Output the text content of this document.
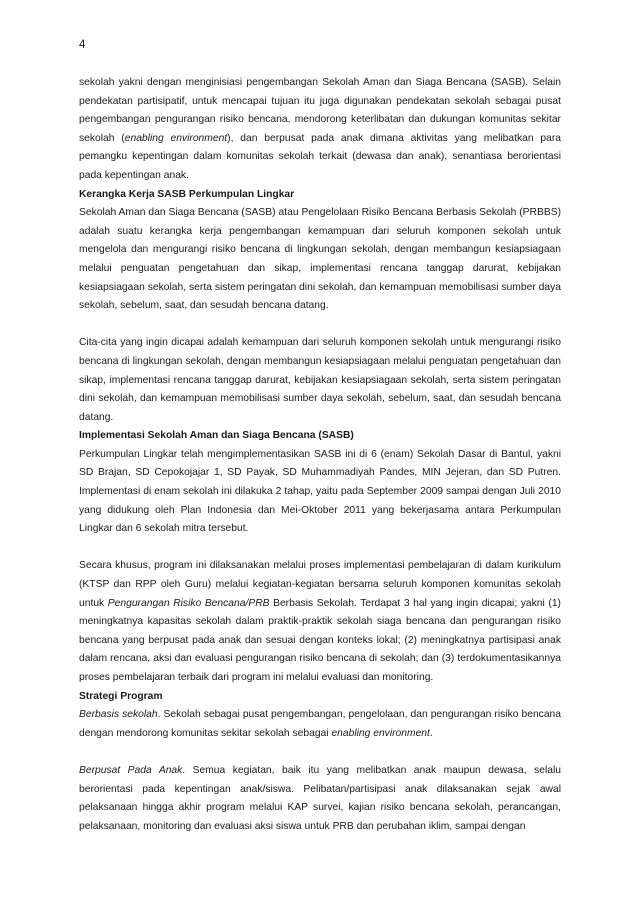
4

sekolah yakni dengan menginisiasi pengembangan Sekolah Aman dan Siaga Bencana (SASB). Selain pendekatan partisipatif, untuk mencapai tujuan itu juga digunakan pendekatan sekolah sebagai pusat pengembangan pengurangan risiko bencana, mendorong keterlibatan dan dukungan komunitas sekitar sekolah (enabling environment), dan berpusat pada anak dimana aktivitas yang melibatkan para pemangku kepentingan dalam komunitas sekolah terkait (dewasa dan anak), senantiasa berorientasi pada kepentingan anak.

Kerangka Kerja SASB Perkumpulan Lingkar

Sekolah Aman dan Siaga Bencana (SASB) atau Pengelolaan Risiko Bencana Berbasis Sekolah (PRBBS) adalah suatu kerangka kerja pengembangan kemampuan dari seluruh komponen sekolah untuk mengelola dan mengurangi risiko bencana di lingkungan sekolah, dengan membangun kesiapsiagaan melalui penguatan pengetahuan dan sikap, implementasi rencana tanggap darurat, kebijakan kesiapsiagaan sekolah, serta sistem peringatan dini sekolah, dan kemampuan memobilisasi sumber daya sekolah, sebelum, saat, dan sesudah bencana datang.

Cita-cita yang ingin dicapai adalah kemampuan dari seluruh komponen sekolah untuk mengurangi risiko bencana di lingkungan sekolah, dengan membangun kesiapsiagaan melalui penguatan pengetahuan dan sikap, implementasi rencana tanggap darurat, kebijakan kesiapsiagaan sekolah, serta sistem peringatan dini sekolah, dan kemampuan memobilisasi sumber daya sekolah, sebelum, saat, dan sesudah bencana datang.

Implementasi Sekolah Aman dan Siaga Bencana (SASB)

Perkumpulan Lingkar telah mengimplementasikan SASB ini di 6 (enam) Sekolah Dasar di Bantul, yakni SD Brajan, SD Cepokojajar 1, SD Payak, SD Muhammadiyah Pandes, MIN Jejeran, dan SD Putren. Implementasi di enam sekolah ini dilakuka 2 tahap, yaitu pada September 2009 sampai dengan Juli 2010 yang didukung oleh Plan Indonesia dan Mei-Oktober 2011 yang bekerjasama antara Perkumpulan Lingkar dan 6 sekolah mitra tersebut.

Secara khusus, program ini dilaksanakan melalui proses implementasi pembelajaran di dalam kurikulum (KTSP dan RPP oleh Guru) melalui kegiatan-kegiatan bersama seluruh komponen komunitas sekolah untuk Pengurangan Risiko Bencana/PRB Berbasis Sekolah. Terdapat 3 hal yang ingin dicapai; yakni (1) meningkatnya kapasitas sekolah dalam praktik-praktik sekolah siaga bencana dan pengurangan risiko bencana yang berpusat pada anak dan sesuai dengan konteks lokal; (2) meningkatnya partisipasi anak dalam rencana, aksi dan evaluasi pengurangan risiko bencana di sekolah; dan (3) terdokumentasikannya proses pembelajaran terbaik dari program ini melalui evaluasi dan monitoring.

Strategi Program

Berbasis sekolah. Sekolah sebagai pusat pengembangan, pengelolaan, dan pengurangan risiko bencana dengan mendorong komunitas sekitar sekolah sebagai enabling environment.

Berpusat Pada Anak. Semua kegiatan, baik itu yang melibatkan anak maupun dewasa, selalu berorientasi pada kepentingan anak/siswa. Pelibatan/partisipasi anak dilaksanakan sejak awal pelaksanaan hingga akhir program melalui KAP survei, kajian risiko bencana sekolah, perancangan, pelaksanaan, monitoring dan evaluasi aksi siswa untuk PRB dan perubahan iklim, sampai dengan
